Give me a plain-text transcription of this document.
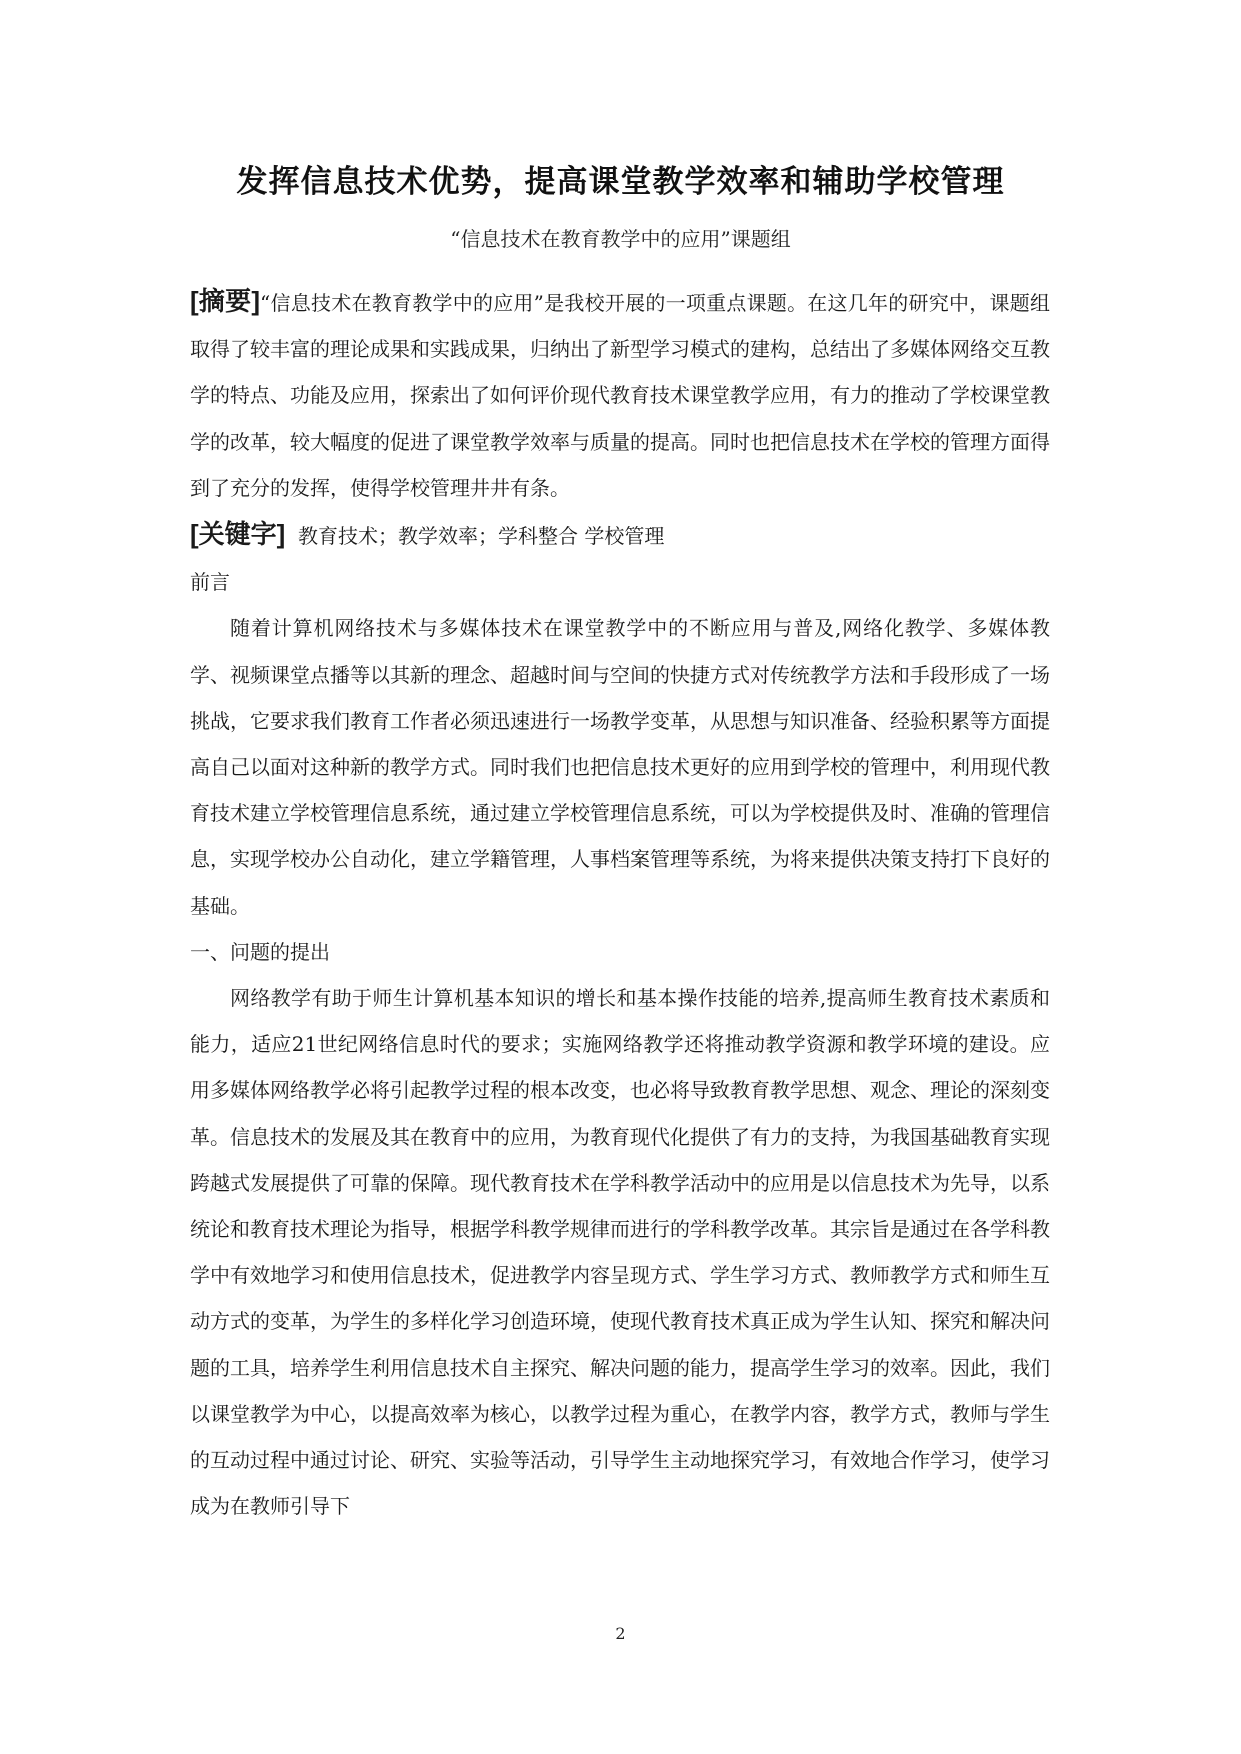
发挥信息技术优势，提高课堂教学效率和辅助学校管理
“信息技术在教育教学中的应用”课题组

[摘要]“信息技术在教育教学中的应用”是我校开展的一项重点课题。在这几年的研究中，课题组取得了较丰富的理论成果和实践成果，归纳出了新型学习模式的建构，总结出了多媒体网络交互教学的特点、功能及应用，探索出了如何评价现代教育技术课堂教学应用，有力的推动了学校课堂教学的改革，较大幅度的促进了课堂教学效率与质量的提高。同时也把信息技术在学校的管理方面得到了充分的发挥，使得学校管理井井有条。

[关键字] 教育技术；教学效率；学科整合 学校管理

前言

随着计算机网络技术与多媒体技术在课堂教学中的不断应用与普及,网络化教学、多媒体教学、视频课堂点播等以其新的理念、超越时间与空间的快捷方式对传统教学方法和手段形成了一场挑战，它要求我们教育工作者必须迅速进行一场教学变革，从思想与知识准备、经验积累等方面提高自己以面对这种新的教学方式。同时我们也把信息技术更好的应用到学校的管理中，利用现代教育技术建立学校管理信息系统，通过建立学校管理信息系统，可以为学校提供及时、准确的管理信息，实现学校办公自动化，建立学籍管理，人事档案管理等系统，为将来提供决策支持打下良好的基础。

一、问题的提出

网络教学有助于师生计算机基本知识的增长和基本操作技能的培养,提高师生教育技术素质和能力，适应21世纪网络信息时代的要求；实施网络教学还将推动教学资源和教学环境的建设。应用多媒体网络教学必将引起教学过程的根本改变，也必将导致教育教学思想、观念、理论的深刻变革。信息技术的发展及其在教育中的应用，为教育现代化提供了有力的支持，为我国基础教育实现跨越式发展提供了可靠的保障。现代教育技术在学科教学活动中的应用是以信息技术为先导，以系统论和教育技术理论为指导，根据学科教学规律而进行的学科教学改革。其宗旨是通过在各学科教学中有效地学习和使用信息技术，促进教学内容呈现方式、学生学习方式、教师教学方式和师生互动方式的变革，为学生的多样化学习创造环境，使现代教育技术真正成为学生认知、探究和解决问题的工具，培养学生利用信息技术自主探究、解决问题的能力，提高学生学习的效率。因此，我们以课堂教学为中心，以提高效率为核心，以教学过程为重心，在教学内容，教学方式，教师与学生的互动过程中通过讨论、研究、实验等活动，引导学生主动地探究学习，有效地合作学习，使学习成为在教师引导下

2
